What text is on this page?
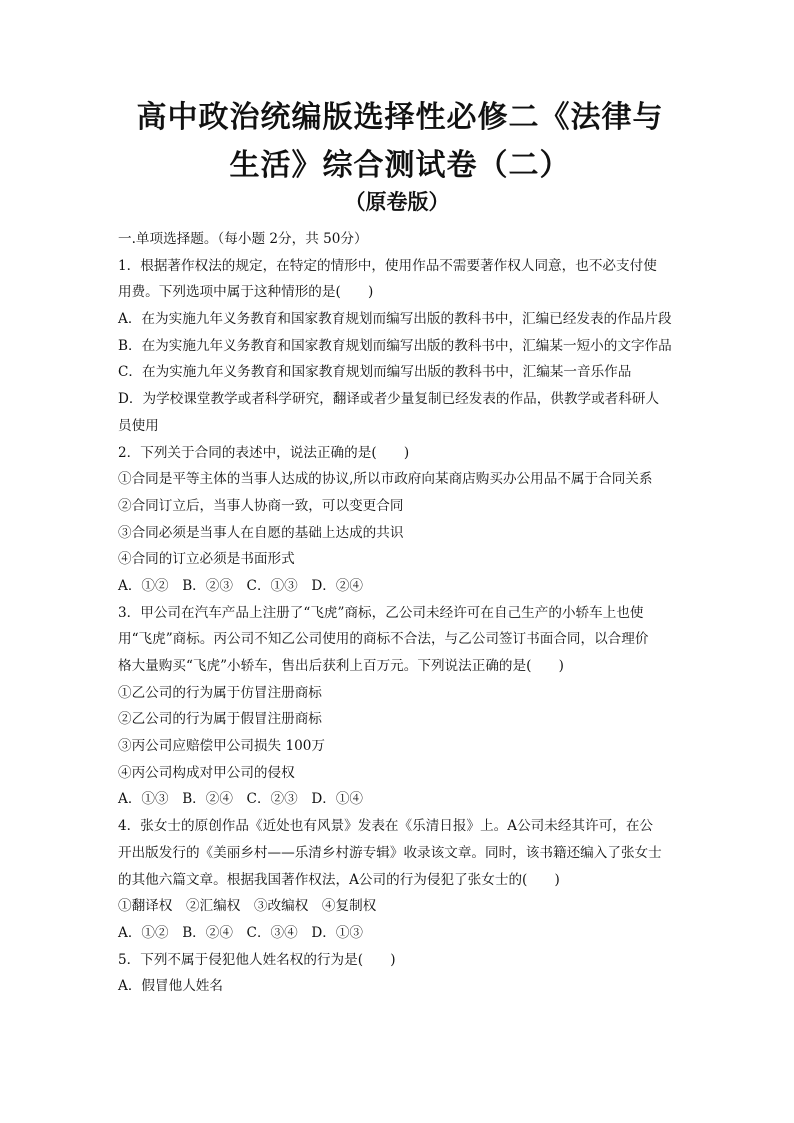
高中政治统编版选择性必修二《法律与
生活》综合测试卷（二）
（原卷版）
一.单项选择题。（每小题 2分，共 50分）
1．根据著作权法的规定，在特定的情形中，使用作品不需要著作权人同意，也不必支付使
用费。下列选项中属于这种情形的是(　　)
A．在为实施九年义务教育和国家教育规划而编写出版的教科书中，汇编已经发表的作品片段
B．在为实施九年义务教育和国家教育规划而编写出版的教科书中，汇编某一短小的文字作品
C．在为实施九年义务教育和国家教育规划而编写出版的教科书中，汇编某一音乐作品
D．为学校课堂教学或者科学研究，翻译或者少量复制已经发表的作品，供教学或者科研人
员使用
2．下列关于合同的表述中，说法正确的是(　　)
①合同是平等主体的当事人达成的协议,所以市政府向某商店购买办公用品不属于合同关系
②合同订立后，当事人协商一致，可以变更合同
③合同必须是当事人在自愿的基础上达成的共识
④合同的订立必须是书面形式
A．①②　B．②③　C．①③　D．②④
3．甲公司在汽车产品上注册了“飞虎”商标，乙公司未经许可在自己生产的小轿车上也使
用“飞虎”商标。丙公司不知乙公司使用的商标不合法，与乙公司签订书面合同，以合理价
格大量购买“飞虎”小轿车，售出后获利上百万元。下列说法正确的是(　　)
①乙公司的行为属于仿冒注册商标
②乙公司的行为属于假冒注册商标
③丙公司应赔偿甲公司损失 100万
④丙公司构成对甲公司的侵权
A．①③　B．②④　C．②③　D．①④
4．张女士的原创作品《近处也有风景》发表在《乐清日报》上。A公司未经其许可，在公
开出版发行的《美丽乡村——乐清乡村游专辑》收录该文章。同时，该书籍还编入了张女士
的其他六篇文章。根据我国著作权法，A公司的行为侵犯了张女士的(　　)
①翻译权　②汇编权　③改编权　④复制权
A．①②　B．②④　C．③④　D．①③
5．下列不属于侵犯他人姓名权的行为是(　　)
A．假冒他人姓名
